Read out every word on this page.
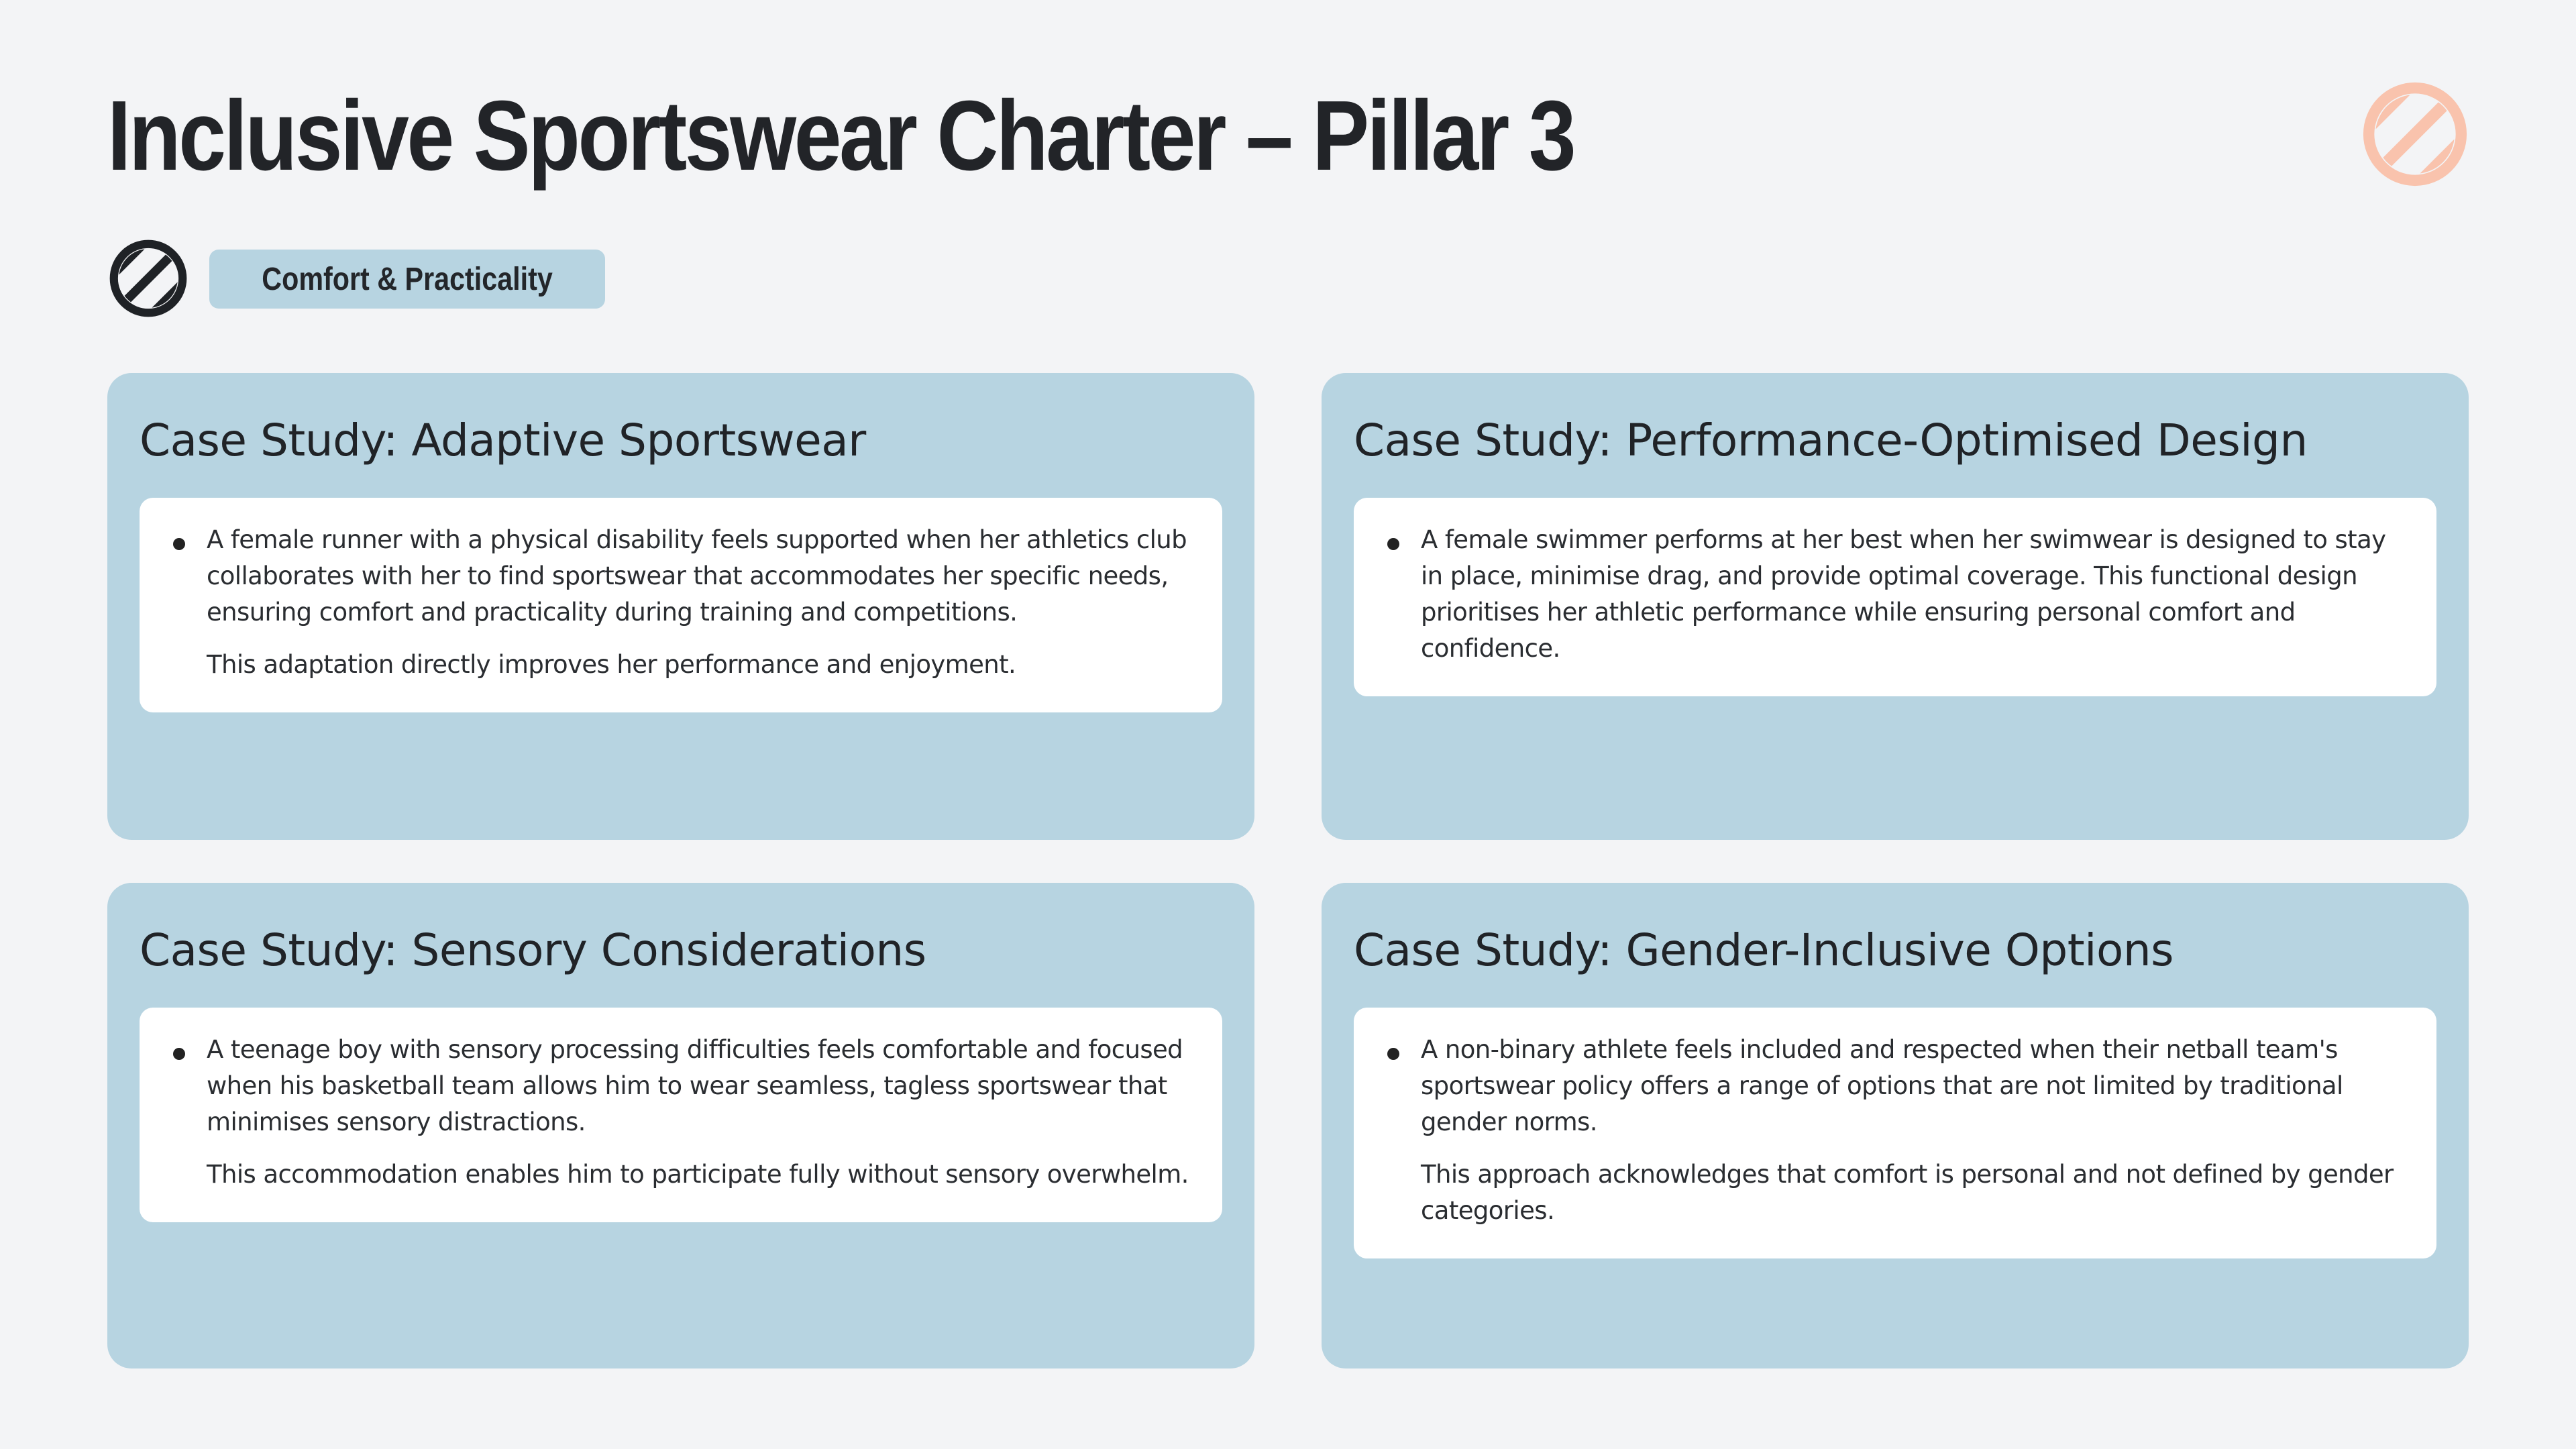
Inclusive Sportswear Charter – Pillar 3
Comfort & Practicality
Case Study: Adaptive Sportswear

A female runner with a physical disability feels supported when her athletics club collaborates with her to find sportswear that accommodates her specific needs, ensuring comfort and practicality during training and competitions.

This adaptation directly improves her performance and enjoyment.

Case Study: Performance-Optimised Design

A female swimmer performs at her best when her swimwear is designed to stay in place, minimise drag, and provide optimal coverage. This functional design prioritises her athletic performance while ensuring personal comfort and confidence.

Case Study: Sensory Considerations

A teenage boy with sensory processing difficulties feels comfortable and focused when his basketball team allows him to wear seamless, tagless sportswear that minimises sensory distractions.

This accommodation enables him to participate fully without sensory overwhelm.

Case Study: Gender-Inclusive Options

A non-binary athlete feels included and respected when their netball team's sportswear policy offers a range of options that are not limited by traditional gender norms.

This approach acknowledges that comfort is personal and not defined by gender categories.
